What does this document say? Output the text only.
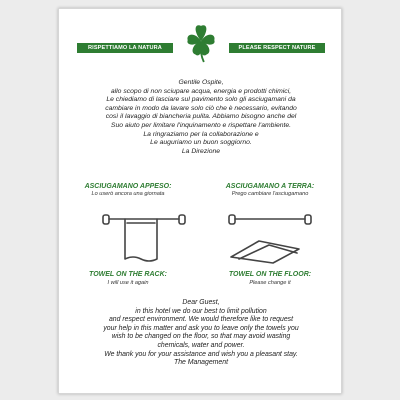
RISPETTIAMO LA NATURA	PLEASE RESPECT NATURE
Gentile Ospite,
allo scopo di non sciupare acqua, energia e prodotti chimici,
Le chiediamo di lasciare sul pavimento solo gli asciugamani da
cambiare in modo da lavare solo ciò che è necessario, evitando
così il lavaggio di biancheria pulita. Abbiamo bisogno anche del
Suo aiuto per limitare l'inquinamento e rispettare l'ambiente.
La ringraziamo per la collaborazione e
Le auguriamo un buon soggiorno.
La Direzione
ASCIUGAMANO APPESO:
Lo userò ancora una giornata
ASCIUGAMANO A TERRA:
Prego cambiare l'asciugamano
TOWEL ON THE RACK:
I will use it again
TOWEL ON THE FLOOR:
Please change it
Dear Guest,
in this hotel we do our best to limit pollution
and respect environment. We would therefore like to request
your help in this matter and ask you to leave only the towels you
wish to be changed on the floor, so that may avoid wasting
chemicals, water and power.
We thank you for your assistance and wish you a pleasant stay.
The Management
